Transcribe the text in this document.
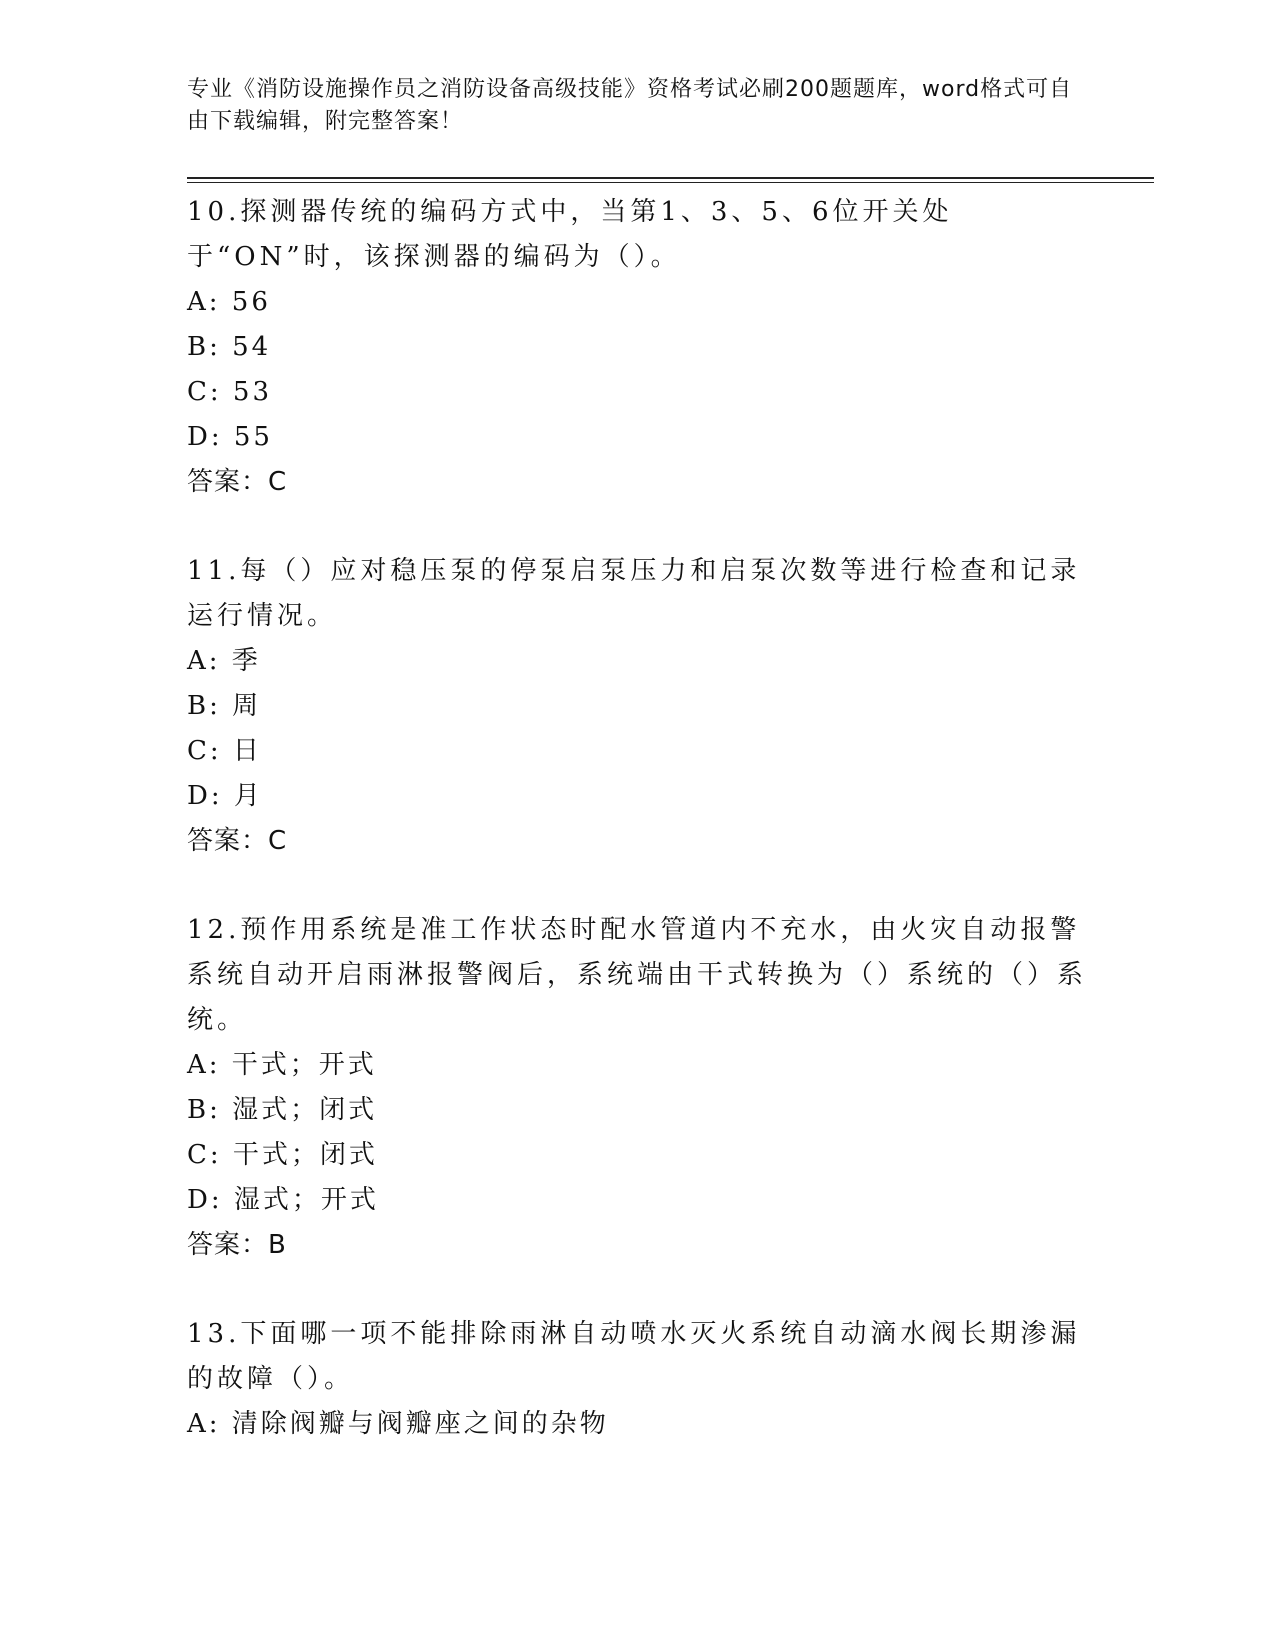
专业《消防设施操作员之消防设备高级技能》资格考试必刷200题题库，word格式可自由下载编辑，附完整答案！

10.探测器传统的编码方式中，当第1、3、5、6位开关处于“ON”时，该探测器的编码为（）。

A: 56

B: 54

C: 53

D: 55

答案：C

11.每（）应对稳压泵的停泵启泵压力和启泵次数等进行检查和记录运行情况。

A: 季

B: 周

C: 日

D: 月

答案：C

12.预作用系统是准工作状态时配水管道内不充水，由火灾自动报警系统自动开启雨淋报警阀后，系统端由干式转换为（）系统的（）系统。

A: 干式；开式

B: 湿式；闭式

C: 干式；闭式

D: 湿式；开式

答案：B

13.下面哪一项不能排除雨淋自动喷水灭火系统自动滴水阀长期渗漏的故障（）。

A: 清除阀瓣与阀瓣座之间的杂物
